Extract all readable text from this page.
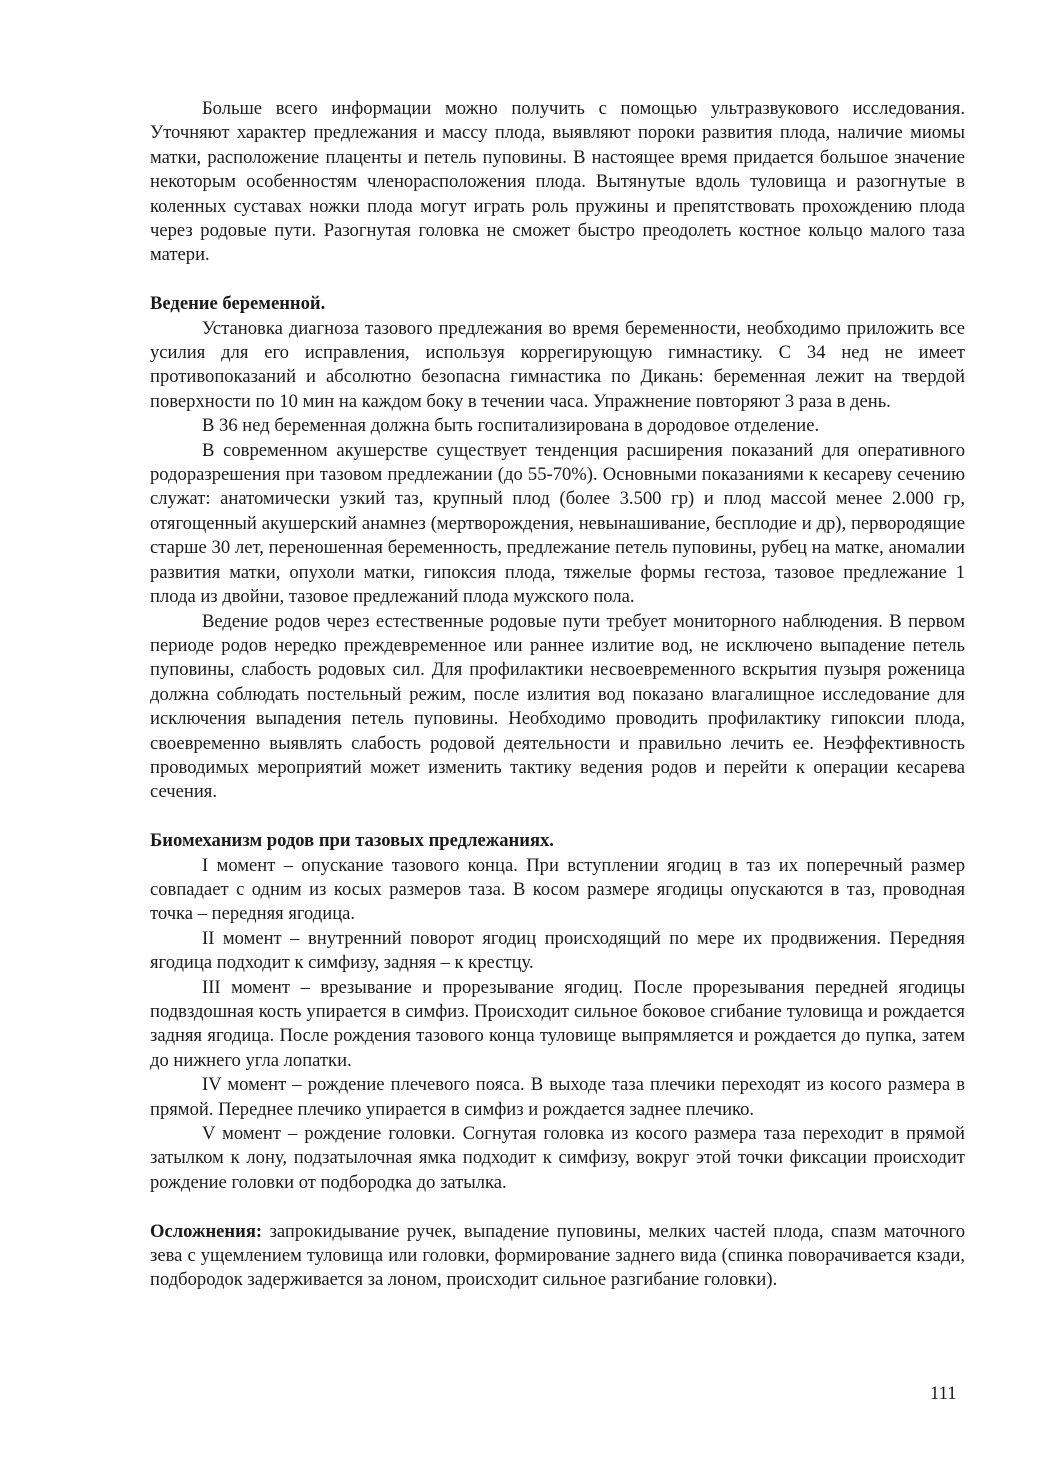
Больше всего информации можно получить с помощью ультразвукового исследования. Уточняют характер предлежания и массу плода, выявляют пороки развития плода, наличие миомы матки, расположение плаценты и петель пуповины. В настоящее время придается большое значение некоторым особенностям членорасположения плода. Вытянутые вдоль туловища и разогнутые в коленных суставах ножки плода могут играть роль пружины и препятствовать прохождению плода через родовые пути. Разогнутая головка не сможет быстро преодолеть костное кольцо малого таза матери.

Ведение беременной.

Установка диагноза тазового предлежания во время беременности, необходимо приложить все усилия для его исправления, используя коррегирующую гимнастику. С 34 нед не имеет противопоказаний и абсолютно безопасна гимнастика по Дикань: беременная лежит на твердой поверхности по 10 мин на каждом боку в течении часа. Упражнение повторяют 3 раза в день.

В 36 нед беременная должна быть госпитализирована в дородовое отделение.

В современном акушерстве существует тенденция расширения показаний для оперативного родоразрешения при тазовом предлежании (до 55-70%). Основными показаниями к кесареву сечению служат: анатомически узкий таз, крупный плод (более 3.500 гр) и плод массой менее 2.000 гр, отягощенный акушерский анамнез (мертворождения, невынашивание, бесплодие и др), первородящие старше 30 лет, переношенная беременность, предлежание петель пуповины, рубец на матке, аномалии развития матки, опухоли матки, гипоксия плода, тяжелые формы гестоза, тазовое предлежание 1 плода из двойни, тазовое предлежаний плода мужского пола.

Ведение родов через естественные родовые пути требует мониторного наблюдения. В первом периоде родов нередко преждевременное или раннее излитие вод, не исключено выпадение петель пуповины, слабость родовых сил. Для профилактики несвоевременного вскрытия пузыря роженица должна соблюдать постельный режим, после излития вод показано влагалищное исследование для исключения выпадения петель пуповины. Необходимо проводить профилактику гипоксии плода, своевременно выявлять слабость родовой деятельности и правильно лечить ее. Неэффективность проводимых мероприятий может изменить тактику ведения родов и перейти к операции кесарева сечения.

Биомеханизм родов при тазовых предлежаниях.

I момент – опускание тазового конца. При вступлении ягодиц в таз их поперечный размер совпадает с одним из косых размеров таза. В косом размере ягодицы опускаются в таз, проводная точка – передняя ягодица.

II момент – внутренний поворот ягодиц происходящий по мере их продвижения. Передняя ягодица подходит к симфизу, задняя – к крестцу.

III момент – врезывание и прорезывание ягодиц. После прорезывания передней ягодицы подвздошная кость упирается в симфиз. Происходит сильное боковое сгибание туловища и рождается задняя ягодица. После рождения тазового конца туловище выпрямляется и рождается до пупка, затем до нижнего угла лопатки.

IV момент – рождение плечевого пояса. В выходе таза плечики переходят из косого размера в прямой. Переднее плечико упирается в симфиз и рождается заднее плечико.

V момент – рождение головки. Согнутая головка из косого размера таза переходит в прямой затылком к лону, подзатылочная ямка подходит к симфизу, вокруг этой точки фиксации происходит рождение головки от подбородка до затылка.

Осложнения: запрокидывание ручек, выпадение пуповины, мелких частей плода, спазм маточного зева с ущемлением туловища или головки, формирование заднего вида (спинка поворачивается кзади, подбородок задерживается за лоном, происходит сильное разгибание головки).

111
